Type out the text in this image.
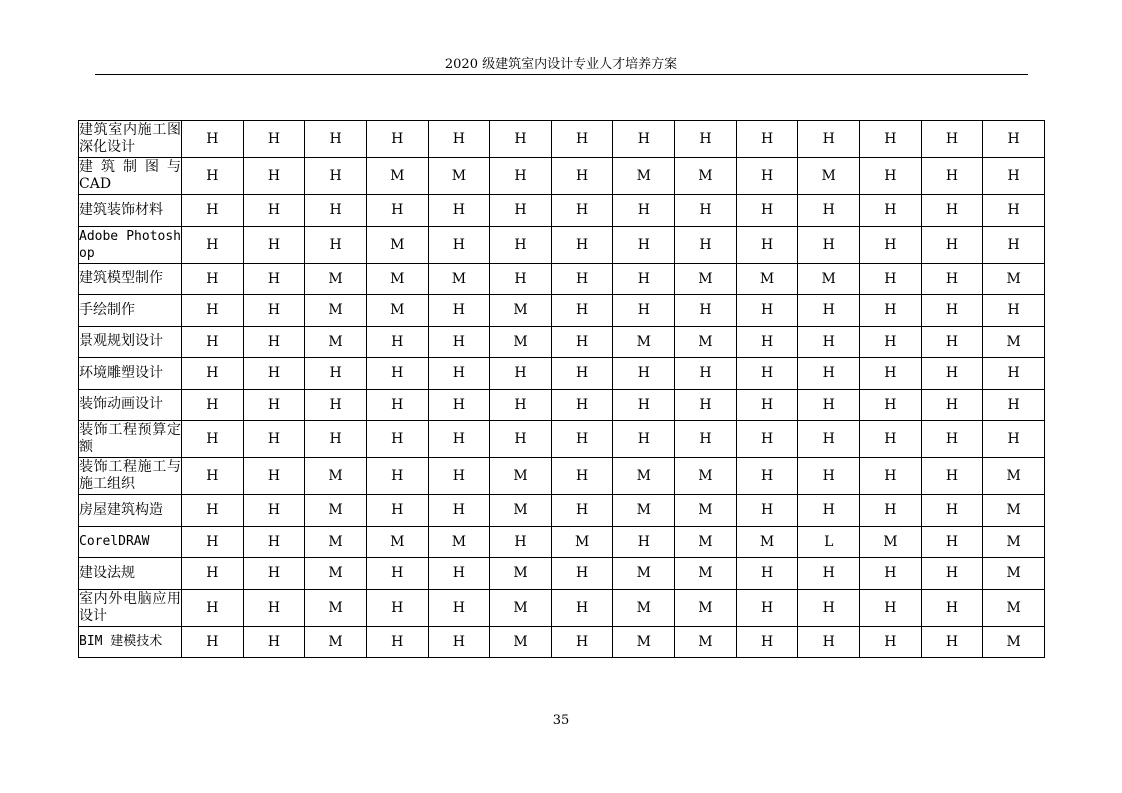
2020 级建筑室内设计专业人才培养方案
建筑室内施工图深化设计	H	H	H	H	H	H	H	H	H	H	H	H	H	H
建 筑 制 图 与 CAD	H	H	H	M	M	H	H	M	M	H	M	H	H	H
建筑装饰材料	H	H	H	H	H	H	H	H	H	H	H	H	H	H
Adobe Photoshop	H	H	H	M	H	H	H	H	H	H	H	H	H	H
建筑模型制作	H	H	M	M	M	H	H	H	M	M	M	H	H	M
手绘制作	H	H	M	M	H	M	H	H	H	H	H	H	H	H
景观规划设计	H	H	M	H	H	M	H	M	M	H	H	H	H	M
环境雕塑设计	H	H	H	H	H	H	H	H	H	H	H	H	H	H
装饰动画设计	H	H	H	H	H	H	H	H	H	H	H	H	H	H
装饰工程预算定额	H	H	H	H	H	H	H	H	H	H	H	H	H	H
装饰工程施工与施工组织	H	H	M	H	H	M	H	M	M	H	H	H	H	M
房屋建筑构造	H	H	M	H	H	M	H	M	M	H	H	H	H	M
CorelDRAW	H	H	M	M	M	H	M	H	M	M	L	M	H	M
建设法规	H	H	M	H	H	M	H	M	M	H	H	H	H	M
室内外电脑应用设计	H	H	M	H	H	M	H	M	M	H	H	H	H	M
BIM 建模技术	H	H	M	H	H	M	H	M	M	H	H	H	H	M
35
